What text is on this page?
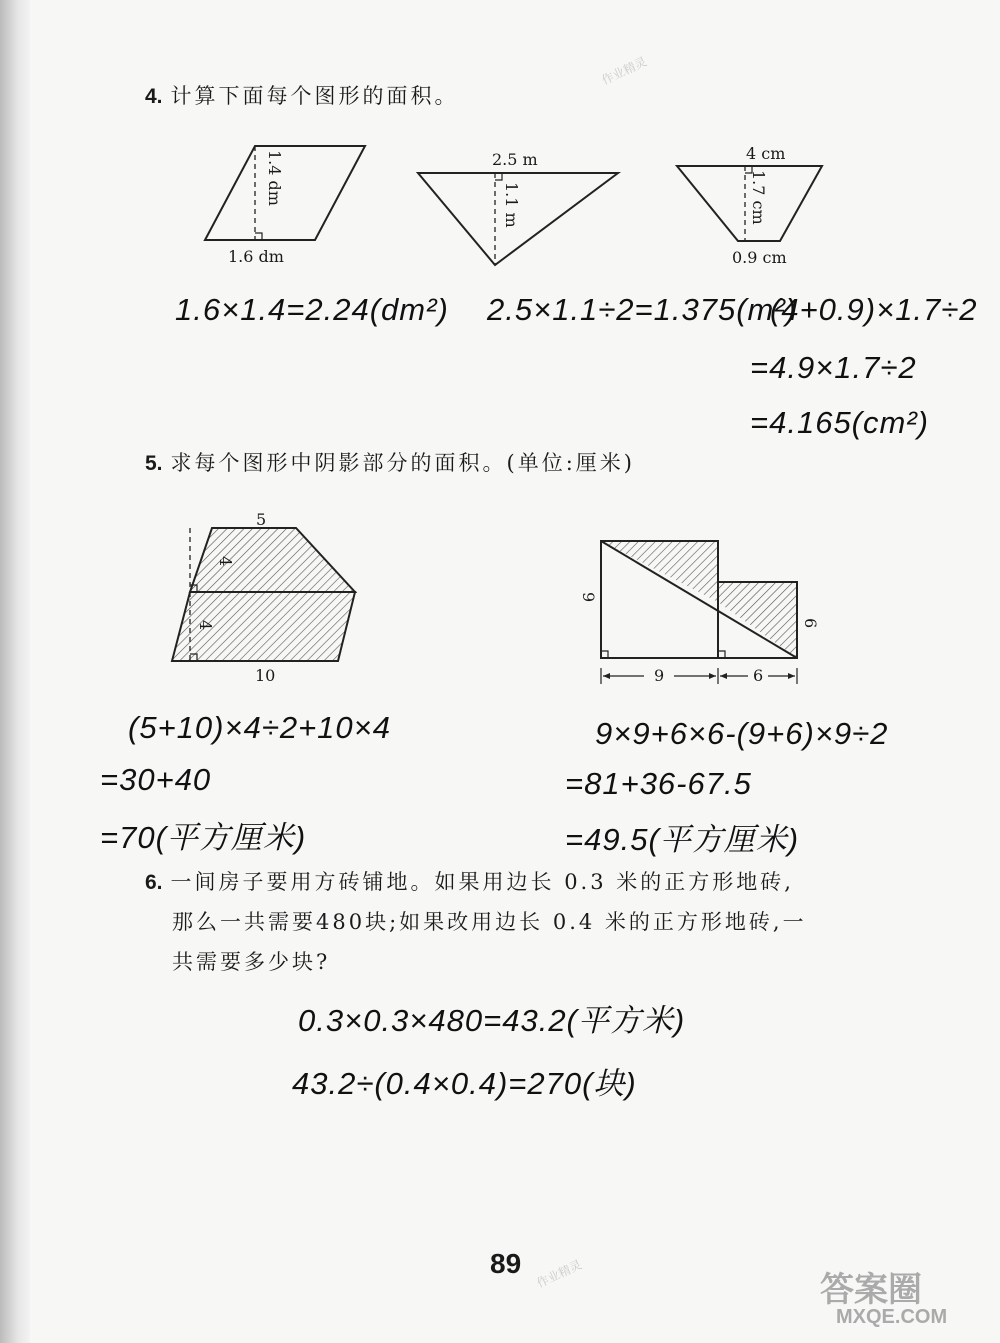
4. 计算下面每个图形的面积。
1.4 dm
1.6 dm
2.5 m
1.1 m
4 cm
1.7 cm
0.9 cm
1.6×1.4=2.24(dm²) 2.5×1.1÷2=1.375(m²)
(4+0.9)×1.7÷2
=4.9×1.7÷2
=4.165(cm²)
5. 求每个图形中阴影部分的面积。(单位:厘米)
5
4
4
10
9
6
9	6
(5+10)×4÷2+10×4
=30+40
=70(平方厘米)
9×9+6×6-(9+6)×9÷2
=81+36-67.5
=49.5(平方厘米)
6. 一间房子要用方砖铺地。如果用边长 0.3 米的正方形地砖,
那么一共需要480块;如果改用边长 0.4 米的正方形地砖,一
共需要多少块?
0.3×0.3×480=43.2(平方米)
43.2÷(0.4×0.4)=270(块)
89
作业精灵
作业精灵	答案圈
MXQE.COM
